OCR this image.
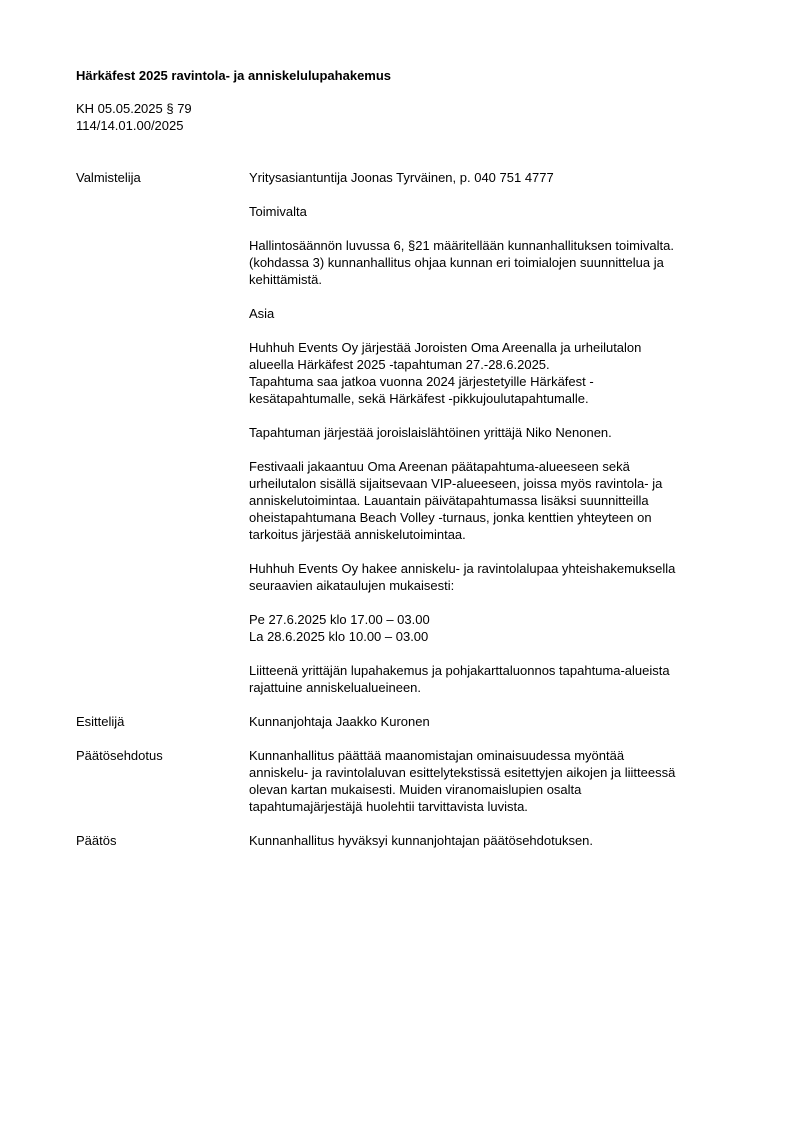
Härkäfest 2025 ravintola- ja anniskelulupahakemus
KH 05.05.2025 § 79
114/14.01.00/2025
Valmistelija	Yritysasiantuntija Joonas Tyrväinen, p. 040 751 4777

Toimivalta

Hallintosäännön luvussa 6, §21 määritellään kunnanhallituksen toimivalta.
(kohdassa 3) kunnanhallitus ohjaa kunnan eri toimialojen suunnittelua ja
kehittämistä.

Asia

Huhhuh Events Oy järjestää Joroisten Oma Areenalla ja urheilutalon
alueella Härkäfest 2025 -tapahtuman 27.-28.6.2025.
Tapahtuma saa jatkoa vuonna 2024 järjestetyille Härkäfest -
kesätapahtumalle, sekä Härkäfest -pikkujoulutapahtumalle.

Tapahtuman järjestää joroislaislähtöinen yrittäjä Niko Nenonen.

Festivaali jakaantuu Oma Areenan päätapahtuma-alueeseen sekä
urheilutalon sisällä sijaitsevaan VIP-alueeseen, joissa myös ravintola- ja
anniskelutoimintaa. Lauantain päivätapahtumassa lisäksi suunnitteilla
oheistapahtumana Beach Volley -turnaus, jonka kenttien yhteyteen on
tarkoitus järjestää anniskelutoimintaa.

Huhhuh Events Oy hakee anniskelu- ja ravintolalupaa yhteishakemuksella
seuraavien aikataulujen mukaisesti:

Pe 27.6.2025 klo 17.00 – 03.00
La 28.6.2025 klo 10.00 – 03.00

Liitteenä yrittäjän lupahakemus ja pohjakarttaluonnos tapahtuma-alueista
rajattuine anniskelualueineen.

Esittelijä	Kunnanjohtaja Jaakko Kuronen

Päätösehdotus	Kunnanhallitus päättää maanomistajan ominaisuudessa myöntää
anniskelu- ja ravintolaluvan esittelytekstissä esitettyjen aikojen ja liitteessä
olevan kartan mukaisesti. Muiden viranomaislupien osalta
tapahtumajärjestäjä huolehtii tarvittavista luvista.

Päätös	Kunnanhallitus hyväksyi kunnanjohtajan päätösehdotuksen.
